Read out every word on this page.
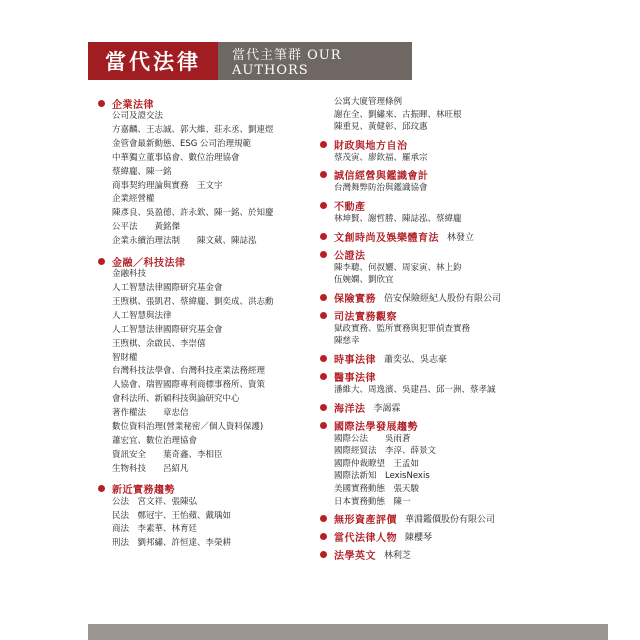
當代法律	當代主筆群 OUR AUTHORS
企業法律
公司及證交法
方嘉麟、王志誠、郭大維、莊永丞、劉連煜
金管會最新動態、ESG 公司治理規範
中華獨立董事協會、數位治理協會
蔡緯龐、陳一銘
商事契約理論與實務　王文宇
企業經營權
陳彥良、吳盈德、許永欽、陳一銘、於知慶
公平法　　黃銘傑
企業永續治理法制　　陳文葳、陳誌泓
金融／科技法律
金融科技
人工智慧法律國際研究基金會
王煦棋、張凱君、蔡緯龐、劉奕成、洪志勳
人工智慧與法律
人工智慧法律國際研究基金會
王煦棋、余啟民、李崇僖
智財權
台灣科技法學會、台灣科技產業法務經理
人協會、瑞智國際專利商標事務所、資策
會科法所、新穎科技與論研究中心
著作權法　　章忠信
數位資料治理(營業秘密／個人資料保護)
蕭宏宜、數位治理協會
資訊安全　　葉奇鑫、李相臣
生物科技　　呂紹凡
新近實務趨勢
公法　宮文祥、張陳弘
民法　鄭冠宇、王怡蘋、戴瑀如
商法　李素華、林育廷
刑法　劉邦繡、許恒達、李榮耕
公寓大廈管理條例
謝在全、劉繡來、古振暉、林旺根
陳重見、黃健彰、邱玟惠
財政與地方自治
蔡茂寅、廖欽福、羅承宗
誠信經營與鑑識會計
台灣舞弊防治與鑑識協會
不動產
林坤賢、謝哲勝、陳誌泓、蔡緯龐
文創時尚及娛樂體育法 林發立
公證法
陳李聰、何叔孋、周家寅、林上鈞
伍婉嫻、劉欣宜
保險實務 倍安保險經紀人股份有限公司
司法實務觀察
獄政實務、監所實務與犯罪偵查實務
陳慈幸
時事法律 蕭奕弘、吳志豪
醫事法律
潘維大、周逸濱、吳建昌、邱一洲、蔡孝誠
海洋法 李謁霖
國際法學發展趨勢
國際公法　　吳雨蒼
國際經貿法　李淳、薛景文
國際仲裁瞭望　王孟如
國際法新知　LexisNexis
美國實務動態　張天駿
日本實務動態　陳一
無形資產評價 華淵鑑價股份有限公司
當代法律人物 陳櫻琴
法學英文 林利芝
